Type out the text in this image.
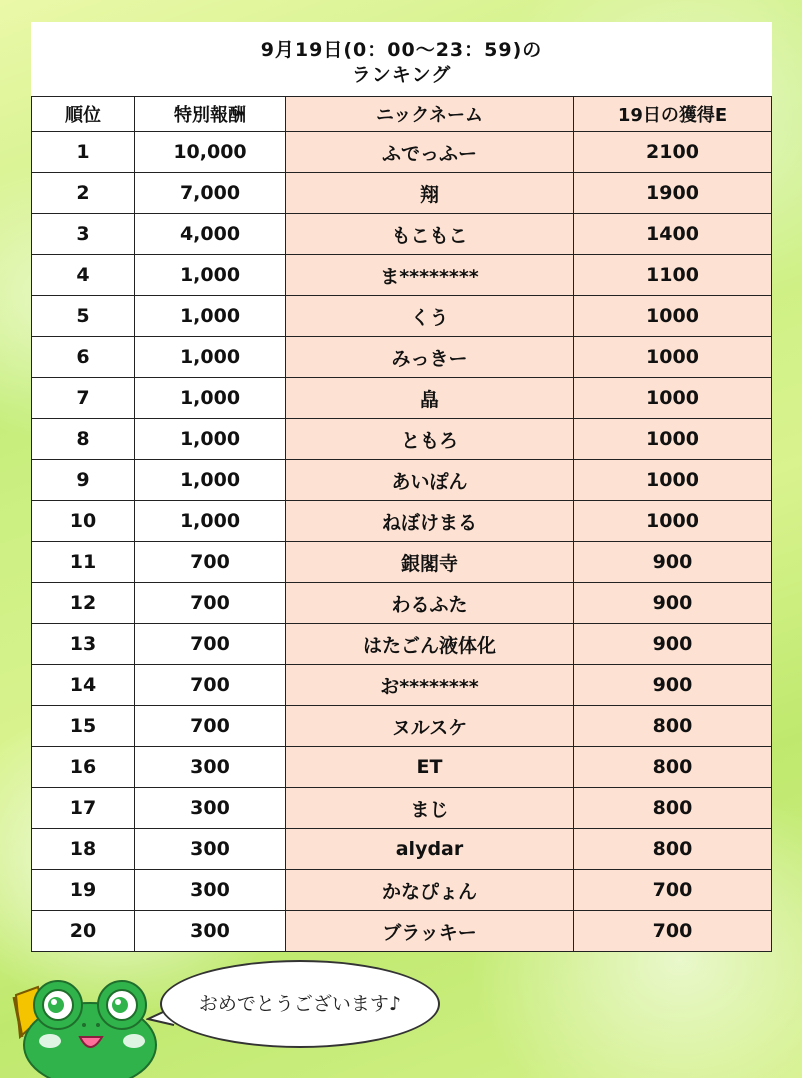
9月19日(0：00～23：59)の
ランキング
順位	特別報酬	ニックネーム	19日の獲得E
1	10,000	ふでっふー	2100
2	7,000	翔	1900
3	4,000	もこもこ	1400
4	1,000	ま********	1100
5	1,000	くう	1000
6	1,000	みっきー	1000
7	1,000	皛	1000
8	1,000	ともろ	1000
9	1,000	あいぽん	1000
10	1,000	ねぼけまる	1000
11	700	銀閣寺	900
12	700	わるふた	900
13	700	はたごん液体化	900
14	700	お********	900
15	700	ヌルスケ	800
16	300	ET	800
17	300	まじ	800
18	300	alydar	800
19	300	かなぴょん	700
20	300	ブラッキー	700
おめでとうございます♪
